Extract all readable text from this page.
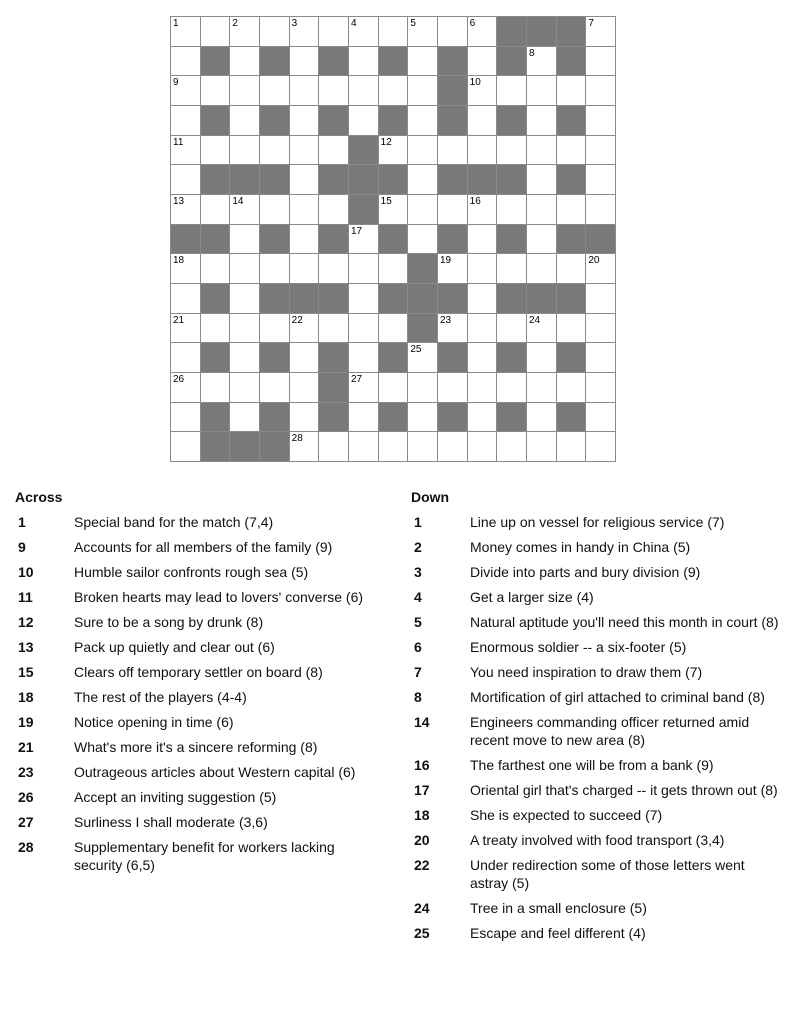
1	2	3	4	5	6	7
8
9	10
11	12
13	14	15	16
17
18	19	20
21	22	23	24
25
26	27
28
Across
1	Special band for the match (7,4)
9	Accounts for all members of the family (9)
10	Humble sailor confronts rough sea (5)
11	Broken hearts may lead to lovers' converse (6)
12	Sure to be a song by drunk (8)
13	Pack up quietly and clear out (6)
15	Clears off temporary settler on board (8)
18	The rest of the players (4-4)
19	Notice opening in time (6)
21	What's more it's a sincere reforming (8)
23	Outrageous articles about Western capital (6)
26	Accept an inviting suggestion (5)
27	Surliness I shall moderate (3,6)
28	Supplementary benefit for workers lacking security (6,5)
Down
1	Line up on vessel for religious service (7)
2	Money comes in handy in China (5)
3	Divide into parts and bury division (9)
4	Get a larger size (4)
5	Natural aptitude you'll need this month in court (8)
6	Enormous soldier -- a six-footer (5)
7	You need inspiration to draw them (7)
8	Mortification of girl attached to criminal band (8)
14	Engineers commanding officer returned amid recent move to new area (8)
16	The farthest one will be from a bank (9)
17	Oriental girl that's charged -- it gets thrown out (8)
18	She is expected to succeed (7)
20	A treaty involved with food transport (3,4)
22	Under redirection some of those letters went astray (5)
24	Tree in a small enclosure (5)
25	Escape and feel different (4)
